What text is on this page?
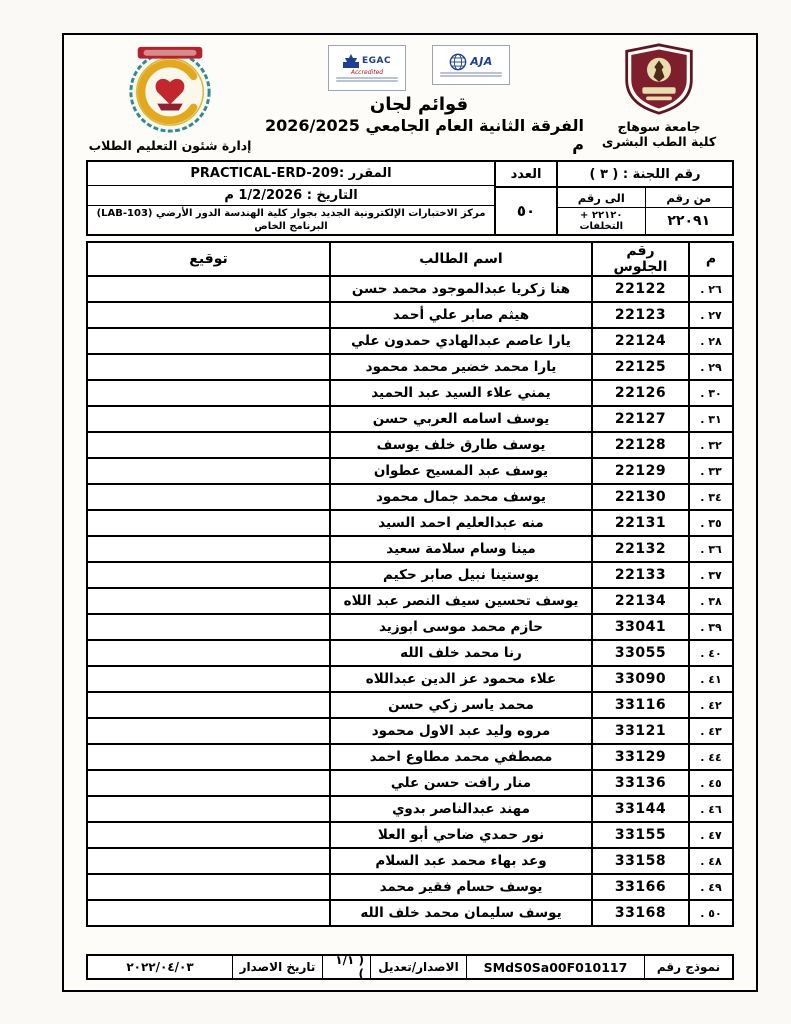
جامعة سوهاج
كلية الطب البشرى
EGAC
Accredited
AJA
قوائم لجان
الفرقة الثانية العام الجامعي 2026/2025 م
إدارة شئون التعليم الطلاب
رقم اللجنة : ( ٣ )
من رقم
٢٢٠٩١
الى رقم
٢٢١٢٠ +
التخلفات
العدد
٥٠
المقرر :PRACTICAL-ERD-209
التاريخ : 1/2/2026 م
مركز الاختبارات الإلكترونية الجديد بجوار كلية الهندسة الدور الأرضي (LAB-103) البرنامج الخاص
م	رقم الجلوس	اسم الطالب	توقيع
٢٦ .	22122	هنا زكريا عبدالموجود محمد حسن	
٢٧ .	22123	هيثم صابر علي أحمد	
٢٨ .	22124	يارا عاصم عبدالهادي حمدون علي	
٢٩ .	22125	يارا محمد خضير محمد محمود	
٣٠ .	22126	يمني علاء السيد عبد الحميد	
٣١ .	22127	يوسف اسامه العربي حسن	
٣٢ .	22128	يوسف طارق خلف يوسف	
٣٣ .	22129	يوسف عبد المسيح عطوان	
٣٤ .	22130	يوسف محمد جمال محمود	
٣٥ .	22131	منه عبدالعليم احمد السيد	
٣٦ .	22132	مينا وسام سلامة سعيد	
٣٧ .	22133	يوستينا نبيل صابر حكيم	
٣٨ .	22134	يوسف تحسين سيف النصر عبد اللاه	
٣٩ .	33041	حازم محمد موسى ابوزيد	
٤٠ .	33055	رنا محمد خلف الله	
٤١ .	33090	علاء محمود عز الدين عبداللاه	
٤٢ .	33116	محمد ياسر زكي حسن	
٤٣ .	33121	مروه وليد عبد الاول محمود	
٤٤ .	33129	مصطفي محمد مطاوع احمد	
٤٥ .	33136	منار رافت حسن علي	
٤٦ .	33144	مهند عبدالناصر بدوي	
٤٧ .	33155	نور حمدي ضاحي أبو العلا	
٤٨ .	33158	وعد بهاء محمد عبد السلام	
٤٩ .	33166	يوسف حسام فقير محمد	
٥٠ .	33168	يوسف سليمان محمد خلف الله	
نموذج رقم
SMdS0Sa00F010117
الاصدار/تعديل
( ١/١ )
تاريخ الاصدار
٢٠٢٢/٠٤/٠٣
